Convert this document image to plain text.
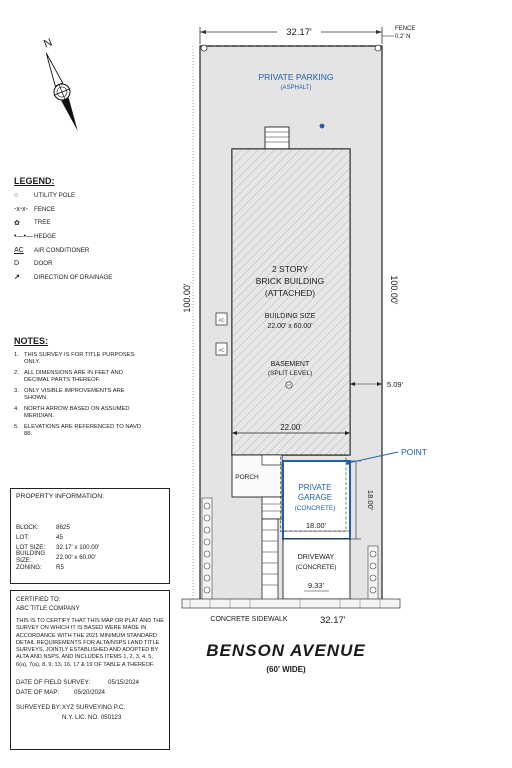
32.17'	FENCE
0.2' N
PRIVATE PARKING
(ASPHALT)
2 STORY
BRICK BUILDING
(ATTACHED)
BUILDING SIZE
22.00' x 60.00'
BASEMENT
(SPLIT LEVEL)
22.00'
AC
AC
5.09'
100.00'	100.00'
PORCH
PRIVATE
GARAGE
(CONCRETE)
18.00'
18.00'
POINT
DRIVEWAY
(CONCRETE)
9.33'
CONCRETE SIDEWALK	32.17'
BENSON AVENUE
(60' WIDE)
N
LEGEND:
○	UTILITY POLE
-x-x- FENCE
✿	TREE
•—•— HEDGE
AC	AIR CONDITIONER
D	DOOR
↗	DIRECTION OF DRAINAGE
NOTES:
1. THIS SURVEY IS FOR TITLE PURPOSES ONLY.
2. ALL DIMENSIONS ARE IN FEET AND DECIMAL PARTS THEREOF.
3. ONLY VISIBLE IMPROVEMENTS ARE SHOWN.
4. NORTH ARROW BASED ON ASSUMED MERIDIAN.
5. ELEVATIONS ARE REFERENCED TO NAVD 88.
PROPERTY INFORMATION:
BLOCK:	8625
LOT:	45
LOT SIZE:	32.17' x 100.00'
BUILDING SIZE:	22.00' x 60.00'
ZONING:	R5
CERTIFIED TO:
ABC TITLE COMPANY

THIS IS TO CERTIFY THAT THIS MAP OR PLAT AND THE SURVEY ON WHICH IT IS BASED WERE MADE IN ACCORDANCE WITH THE 2021 MINIMUM STANDARD DETAIL REQUIREMENTS FOR ALTA/NSPS LAND TITLE SURVEYS, JOINTLY ESTABLISHED AND ADOPTED BY ALTA AND NSPS, AND INCLUDES ITEMS 1, 2, 3, 4, 5, 6(a), 7(a), 8, 9, 13, 16, 17 & 19 OF TABLE A THEREOF.

DATE OF FIELD SURVEY:	05/15/2024
DATE OF MAP:	05/20/2024
SURVEYED BY: XYZ SURVEYING P.C.
N.Y. LIC. NO. 050123
